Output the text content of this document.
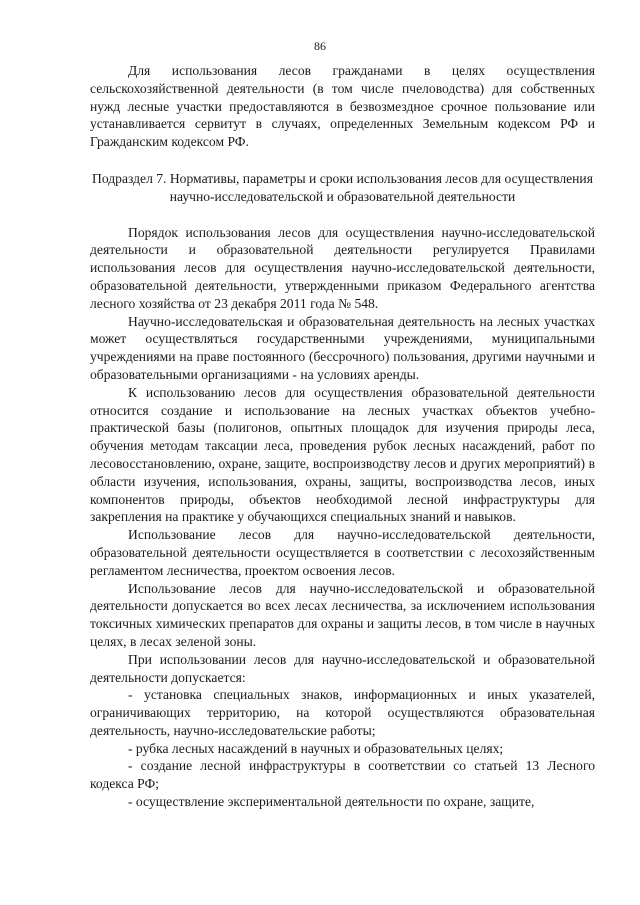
86

Для использования лесов гражданами в целях осуществления сельскохозяйственной деятельности (в том числе пчеловодства) для собственных нужд лесные участки предоставляются в безвозмездное срочное пользование или устанавливается сервитут в случаях, определенных Земельным кодексом РФ и Гражданским кодексом РФ.

Подраздел 7. Нормативы, параметры и сроки использования лесов для осуществления научно-исследовательской и образовательной деятельности

Порядок использования лесов для осуществления научно-исследовательской деятельности и образовательной деятельности регулируется Правилами использования лесов для осуществления научно-исследовательской деятельности, образовательной деятельности, утвержденными приказом Федерального агентства лесного хозяйства от 23 декабря 2011 года № 548.

Научно-исследовательская и образовательная деятельность на лесных участках может осуществляться государственными учреждениями, муниципальными учреждениями на праве постоянного (бессрочного) пользования, другими научными и образовательными организациями - на условиях аренды.

К использованию лесов для осуществления образовательной деятельности относится создание и использование на лесных участках объектов учебно-практической базы (полигонов, опытных площадок для изучения природы леса, обучения методам таксации леса, проведения рубок лесных насаждений, работ по лесовосстановлению, охране, защите, воспроизводству лесов и других мероприятий) в области изучения, использования, охраны, защиты, воспроизводства лесов, иных компонентов природы, объектов необходимой лесной инфраструктуры для закрепления на практике у обучающихся специальных знаний и навыков.

Использование лесов для научно-исследовательской деятельности, образовательной деятельности осуществляется в соответствии с лесохозяйственным регламентом лесничества, проектом освоения лесов.

Использование лесов для научно-исследовательской и образовательной деятельности допускается во всех лесах лесничества, за исключением использования токсичных химических препаратов для охраны и защиты лесов, в том числе в научных целях, в лесах зеленой зоны.

При использовании лесов для научно-исследовательской и образовательной деятельности допускается:

- установка специальных знаков, информационных и иных указателей, ограничивающих территорию, на которой осуществляются образовательная деятельность, научно-исследовательские работы;

- рубка лесных насаждений в научных и образовательных целях;

- создание лесной инфраструктуры в соответствии со статьей 13 Лесного кодекса РФ;

- осуществление экспериментальной деятельности по охране, защите,
